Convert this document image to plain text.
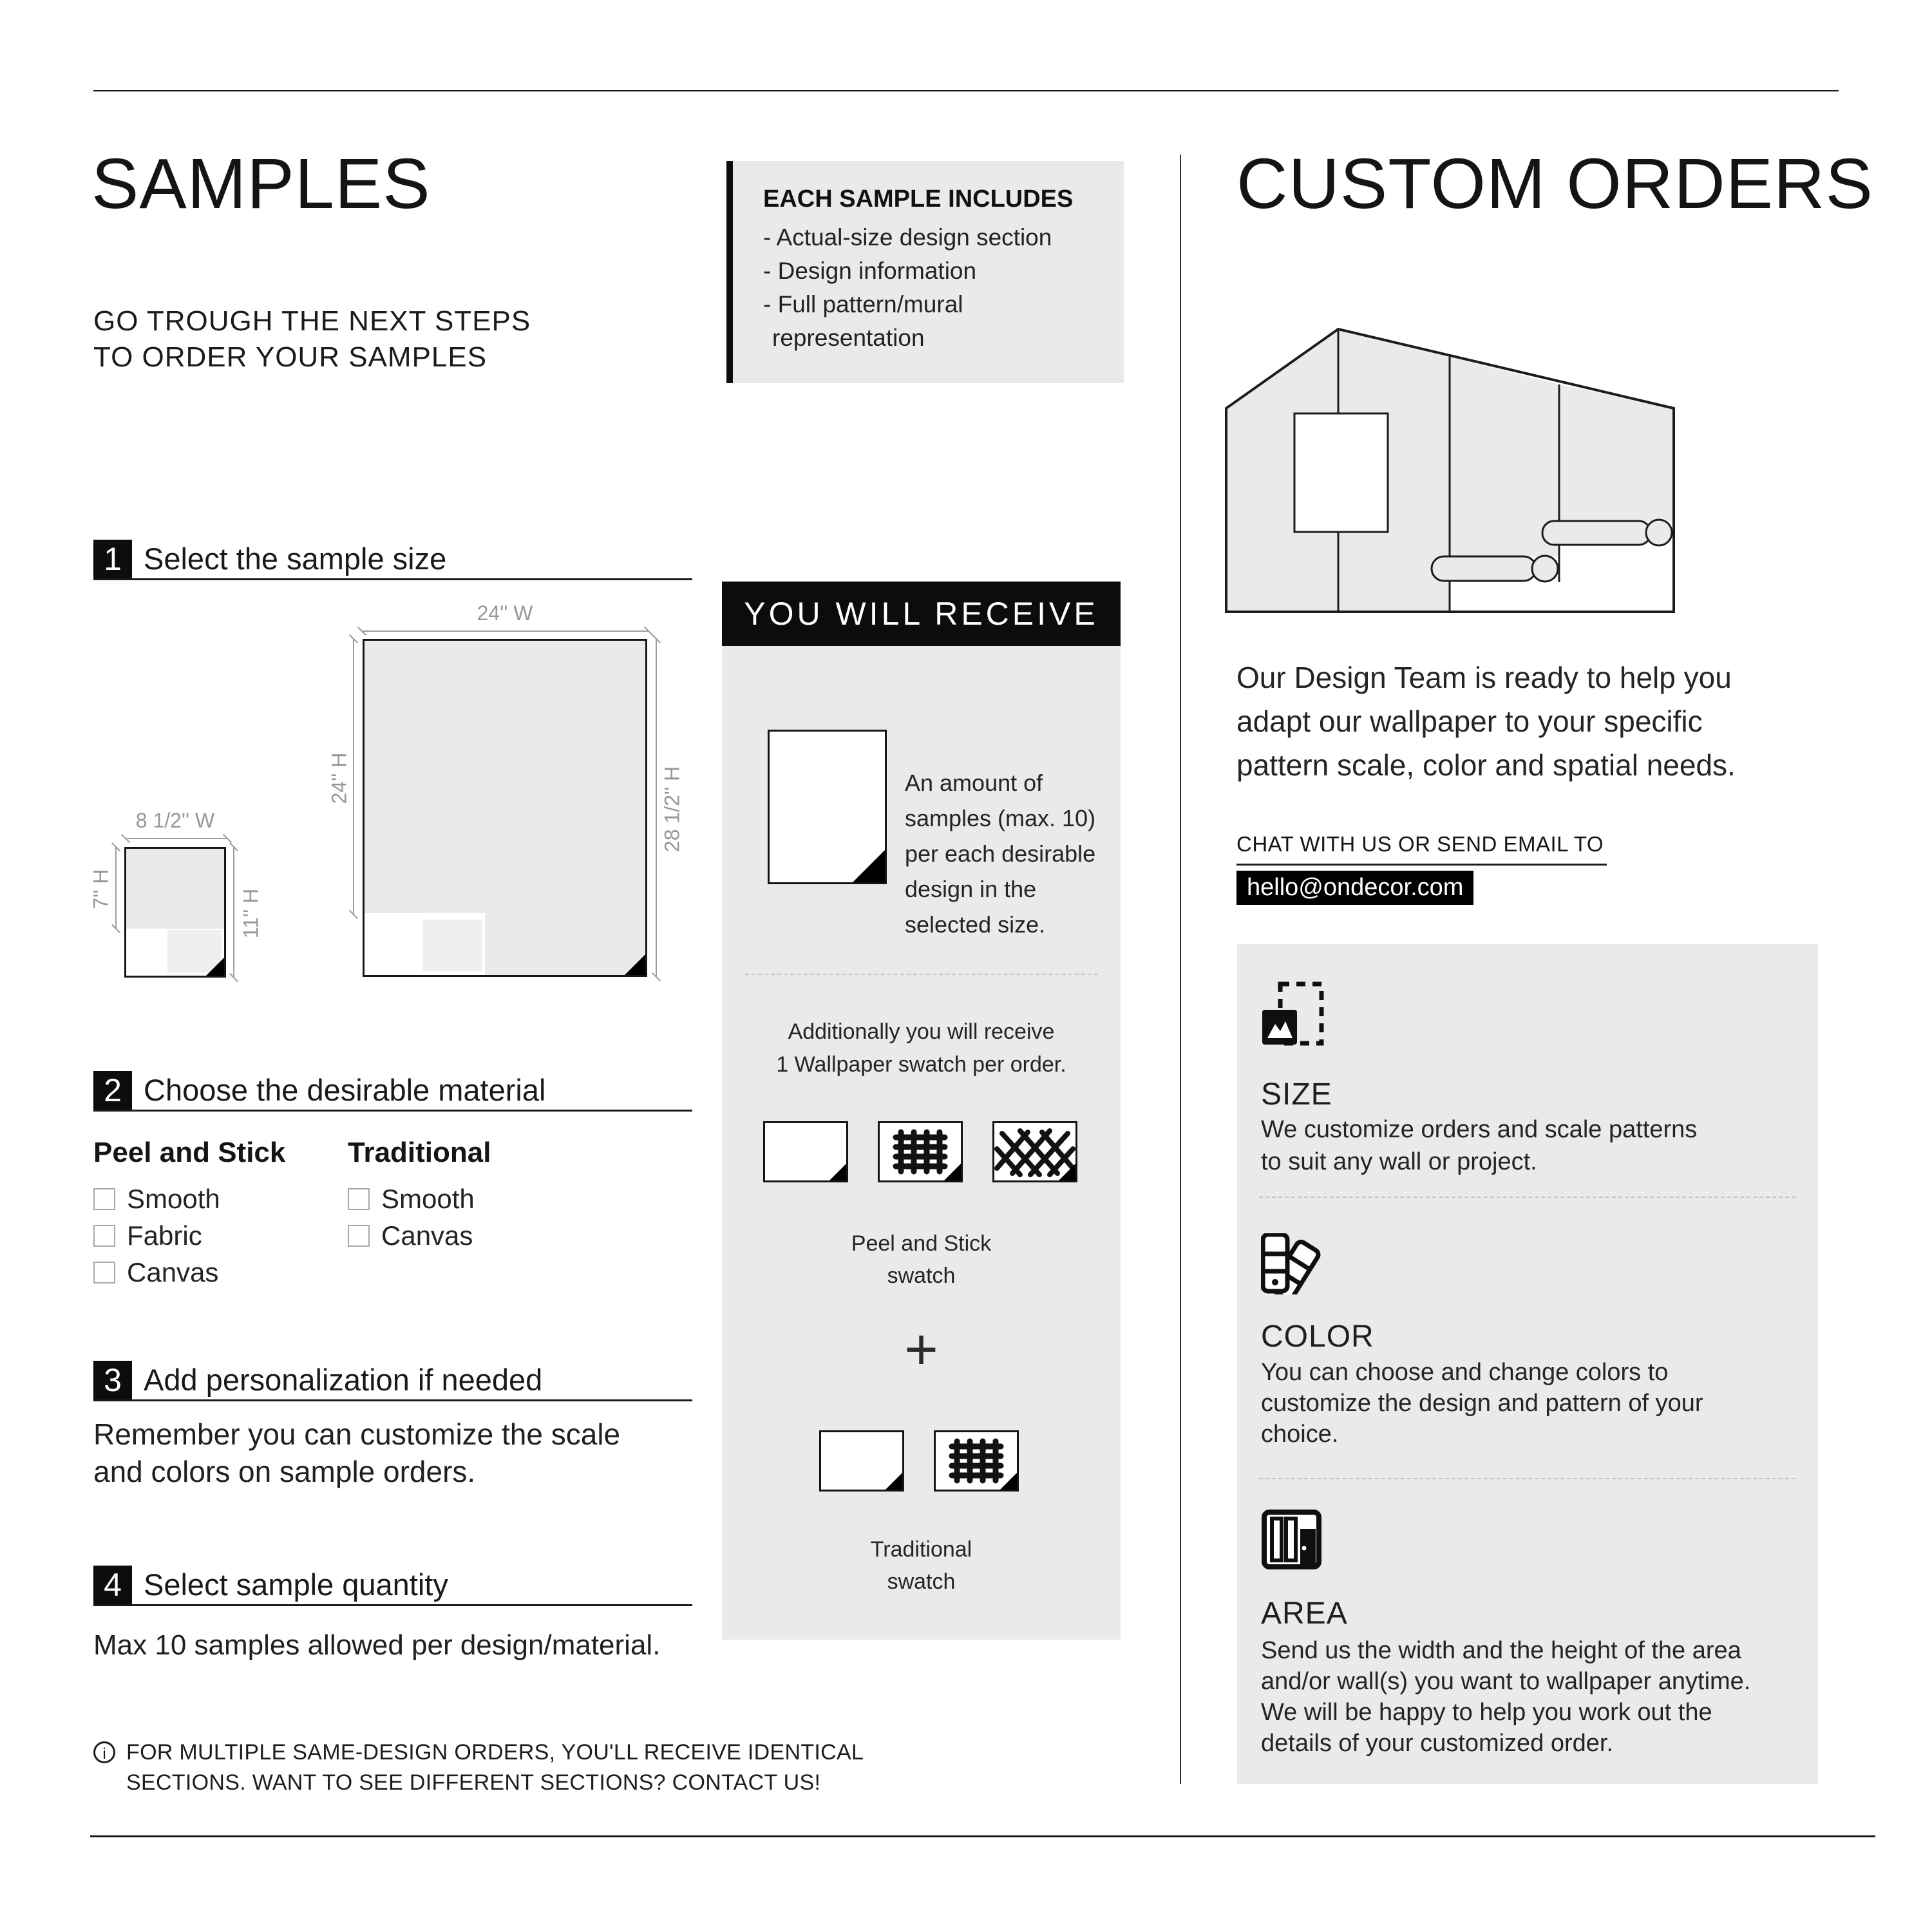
SAMPLES
GO TROUGH THE NEXT STEPS
TO ORDER YOUR SAMPLES
EACH SAMPLE INCLUDES
- Actual-size design section
- Design information
- Full pattern/mural
representation
1 Select the sample size
8 1/2'' W
7'' H	11'' H
24'' W
24'' H	28 1/2'' H
2 Choose the desirable material
Peel and Stick Traditional
Smooth
Fabric
Canvas
Smooth
Canvas
3 Add personalization if needed
Remember you can customize the scale
and colors on sample orders.
4 Select sample quantity
Max 10 samples allowed per design/material.
i FOR MULTIPLE SAME-DESIGN ORDERS, YOU'LL RECEIVE IDENTICAL
SECTIONS. WANT TO SEE DIFFERENT SECTIONS? CONTACT US!
YOU WILL RECEIVE
An amount of
samples (max. 10)
per each desirable
design in the
selected size.
Additionally you will receive
1 Wallpaper swatch per order.
Peel and Stick
swatch
+
Traditional
swatch
CUSTOM ORDERS
Our Design Team is ready to help you
adapt our wallpaper to your specific
pattern scale, color and spatial needs.
CHAT WITH US OR SEND EMAIL TO
hello@ondecor.com
SIZE
We customize orders and scale patterns
to suit any wall or project.
COLOR
You can choose and change colors to
customize the design and pattern of your
choice.
AREA
Send us the width and the height of the area
and/or wall(s) you want to wallpaper anytime.
We will be happy to help you work out the
details of your customized order.
